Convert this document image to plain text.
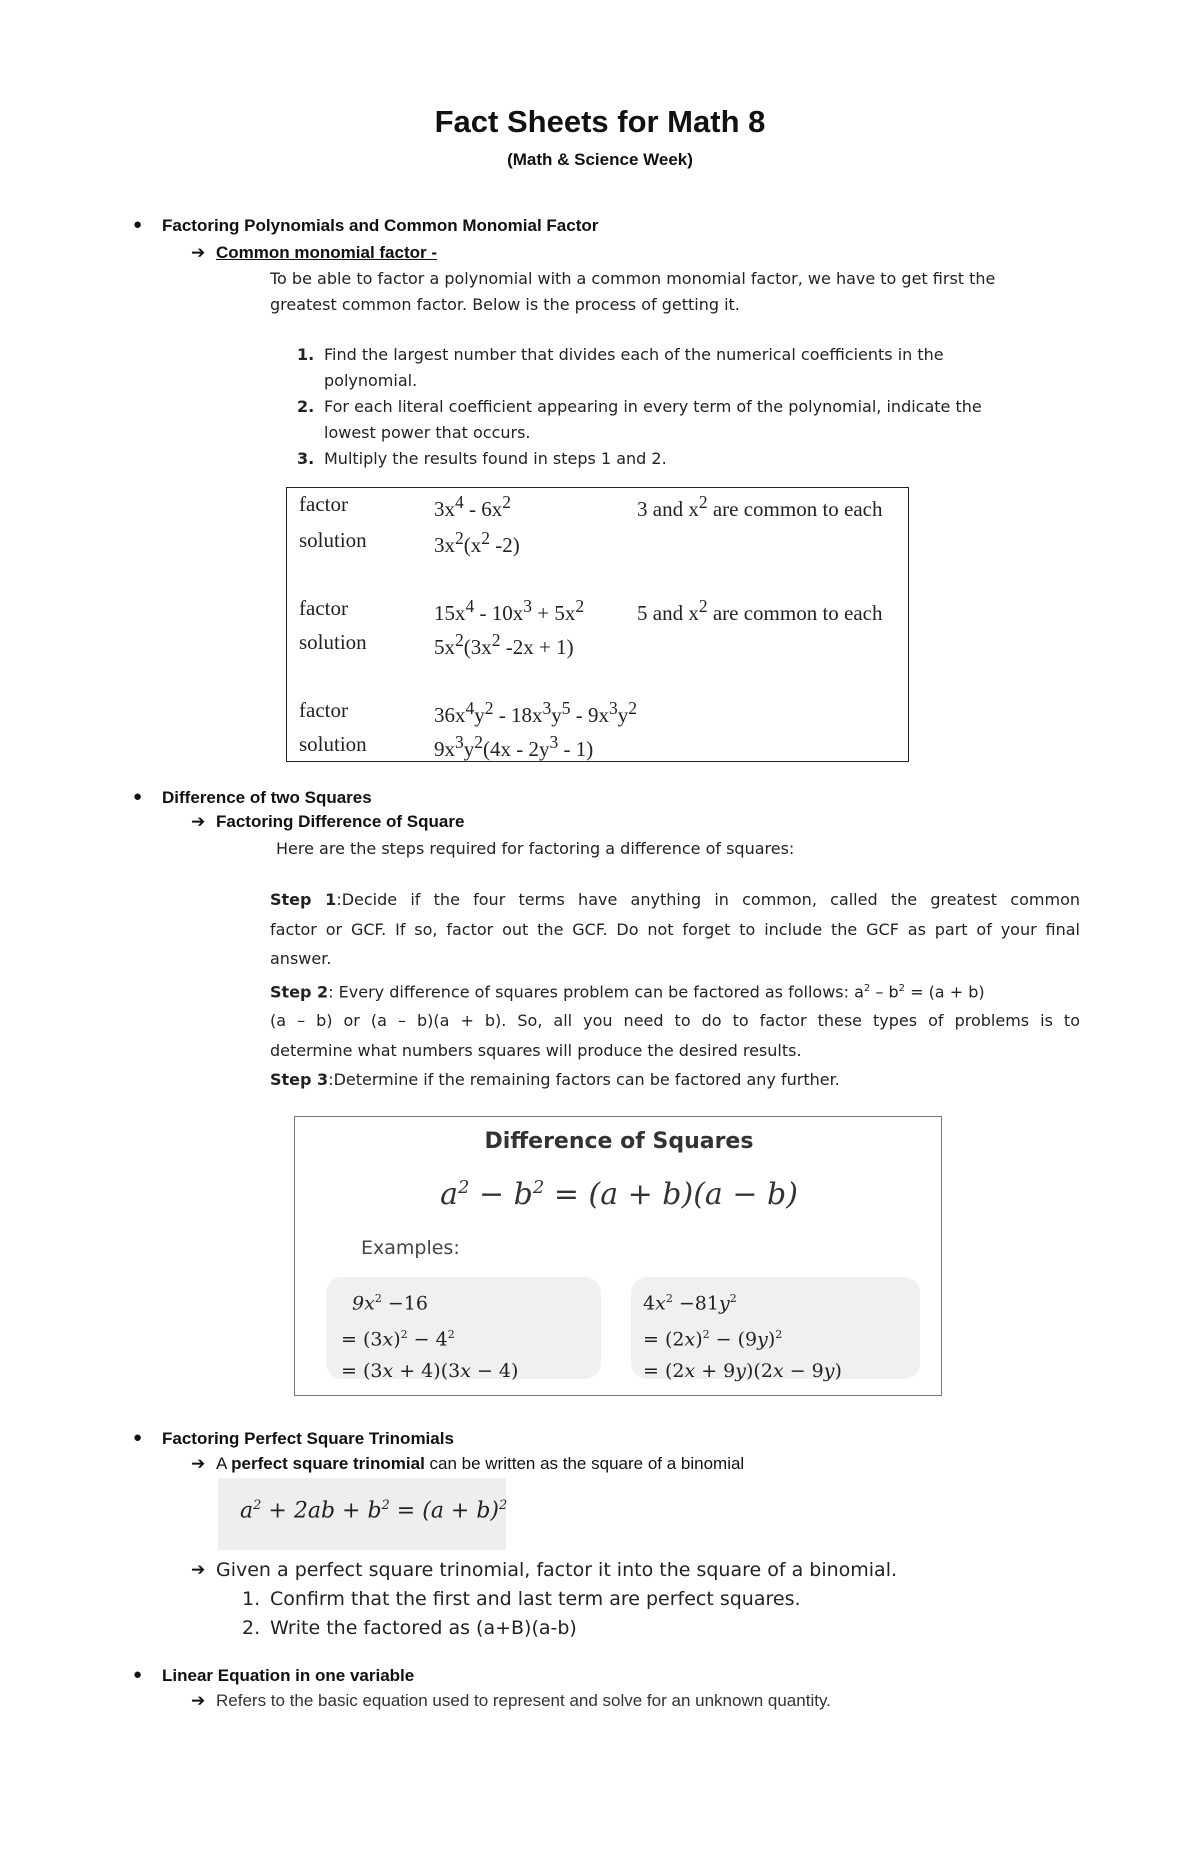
Fact Sheets for Math 8
(Math & Science Week)
● Factoring Polynomials and Common Monomial Factor
➔ Common monomial factor -
To be able to factor a polynomial with a common monomial factor, we have to get first the
greatest common factor. Below is the process of getting it.
1. Find the largest number that divides each of the numerical coefficients in the
polynomial.
2. For each literal coefficient appearing in every term of the polynomial, indicate the
lowest power that occurs.
3. Multiply the results found in steps 1 and 2.
factor	$3x^4 - 6x^2$	3 and $x^2$ are common to each
solution	$3x^2(x^2$ -2)
factor	$15x^4 - 10x^3 + 5x^2$	5 and $x^2$ are common to each
solution	$5x^2(3x^2$ -2x + 1)
factor	$36x^4y^2 - 18x^3y^5 - 9x^3y^2$
solution	$9x^3y^2(4x - 2y^3 - 1)$
● Difference of two Squares
➔ Factoring Difference of Square
Here are the steps required for factoring a difference of squares:
Step 1:Decide if the four terms have anything in common, called the greatest common
factor or GCF. If so, factor out the GCF. Do not forget to include the GCF as part of your final
answer.
Step 2: Every difference of squares problem can be factored as follows: $a^2 - b^2 = (a + b)$
(a – b) or (a – b)(a + b). So, all you need to do to factor these types of problems is to
determine what numbers squares will produce the desired results.
Step 3:Determine if the remaining factors can be factored any further.
Difference of Squares
$a^2 - b^2 = (a + b)(a - b)$
Examples:
$9x^2 -16$
= $(3x)^2 - 4^2$
= (3x + 4)(3x − 4)
$4x^2 -81y^2$
= $(2x)^2 - (9y)^2$
= (2x + 9y)(2x − 9y)
● Factoring Perfect Square Trinomials
➔ A perfect square trinomial can be written as the square of a binomial
$a^2 + 2ab + b^2 = (a + b)^2$
➔ Given a perfect square trinomial, factor it into the square of a binomial.
1. Confirm that the first and last term are perfect squares.
2. Write the factored as (a+B)(a-b)
● Linear Equation in one variable
➔ Refers to the basic equation used to represent and solve for an unknown quantity.
